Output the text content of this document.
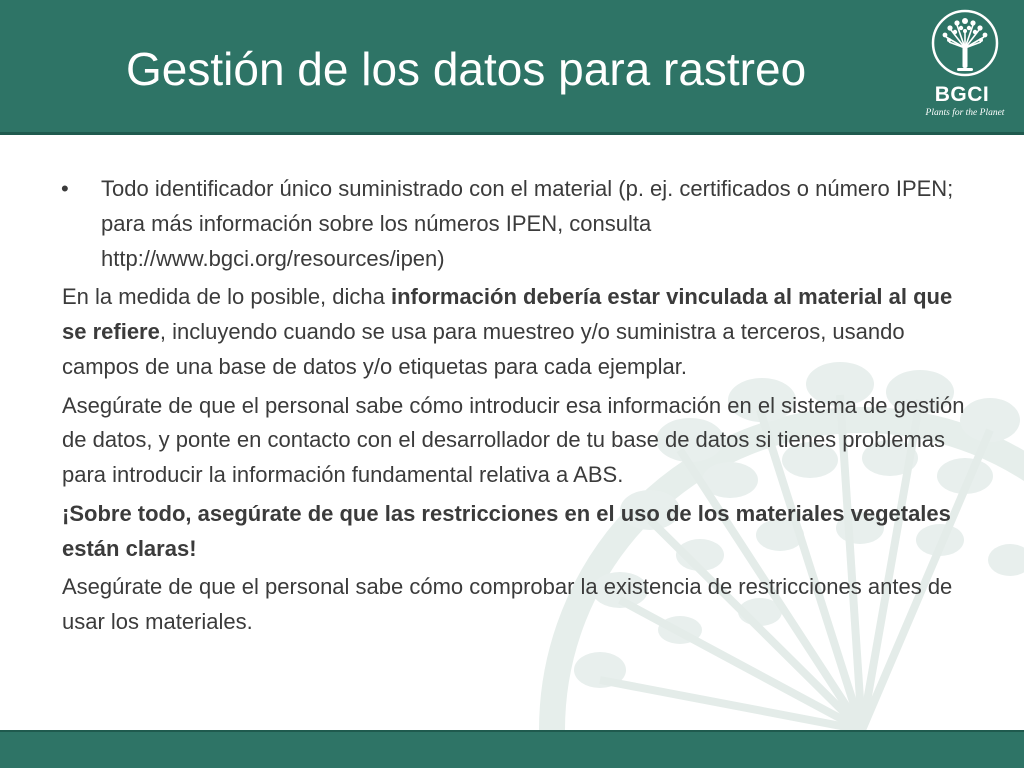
Gestión de los datos para rastreo	BGCI
Plants for the Planet
• Todo identificador único suministrado con el material (p. ej. certificados o número IPEN; para más información sobre los números IPEN, consulta http://www.bgci.org/resources/ipen)
En la medida de lo posible, dicha información debería estar vinculada al material al que se refiere, incluyendo cuando se usa para muestreo y/o suministra a terceros, usando campos de una base de datos y/o etiquetas para cada ejemplar.
Asegúrate de que el personal sabe cómo introducir esa información en el sistema de gestión de datos, y ponte en contacto con el desarrollador de tu base de datos si tienes problemas para introducir la información fundamental relativa a ABS.
¡Sobre todo, asegúrate de que las restricciones en el uso de los materiales vegetales están claras!
Asegúrate de que el personal sabe cómo comprobar la existencia de restricciones antes de usar los materiales.
